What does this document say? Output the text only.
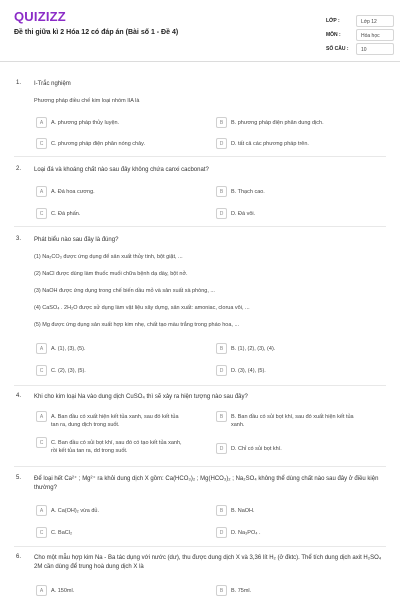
QUIZIZZ
Đề thi giữa kì 2 Hóa 12 có đáp án (Bài số 1 - Đề 4)
LỚP :	Lớp 12
MÔN :	Hóa học
SỐ CÂU :	10
1. I-Trắc nghiệm
Phương pháp điều chế kim loại nhóm IIA là
A	A. phương pháp thủy luyện.	B	B. phương pháp điện phân dung dịch.
C	C. phương pháp điện phân nóng chảy.	D	D. tất cả các phương pháp trên.
2. Loại đá và khoáng chất nào sau đây không chứa canxi cacbonat?
A	A. Đá hoa cương.	B	B. Thạch cao.
C	C. Đá phấn.	D	D. Đá vôi.
3. Phát biểu nào sau đây là đúng?
(1) Na₂CO₃ được ứng dụng để sản xuất thủy tinh, bột giặt, ...
(2) NaCl được dùng làm thuốc muối chữa bệnh dạ dày, bột nở.
(3) NaOH được ứng dụng trong chế biến dầu mỏ và sản xuất xà phòng, ...
(4) CaSO₄ . 2H₂O được sử dụng làm vật liệu xây dựng, sản xuất: amoniac, clorua vôi, ...
(5) Mg được ứng dụng sản xuất hợp kim nhẹ, chất tạo màu trắng trong pháo hoa, ...
A	A. (1), (3), (5).	B	B. (1), (2), (3), (4).
C	C. (2), (3), (5).	D	D. (3), (4), (5).
4. Khi cho kim loại Na vào dung dịch CuSO₄ thì sẽ xảy ra hiện tượng nào sau đây?
A	A. Ban đầu có xuất hiện kết tủa xanh, sau đó kết tủa tan ra, dung dịch trong suốt.
B	B. Ban đầu có sủi bọt khí, sau đó xuất hiện kết tủa xanh.
C	C. Ban đầu có sủi bọt khí, sau đó có tạo kết tủa xanh, rồi kết tủa tan ra, dd trong suốt.	D	D. Chỉ có sủi bọt khí.
5. Để loại hết Ca²⁺ ; Mg²⁺ ra khỏi dung dịch X gồm: Ca(HCO₃)₂ ; Mg(HCO₃)₂ ; Na₂SO₄ không thể dùng chất nào sau đây ở điều kiện thường?
A	A. Ca(OH)₂ vừa đủ.	B	B. NaOH.
C	C. BaCl₂	D	D. Na₃PO₄ .
6. Cho một mẫu hợp kim Na - Ba tác dụng với nước (dư), thu được dung dịch X và 3,36 lít H₂ (ở đktc). Thể tích dung dịch axit H₂SO₄ 2M cần dùng để trung hoà dung dịch X là
A	A. 150ml.	B	B. 75ml.
